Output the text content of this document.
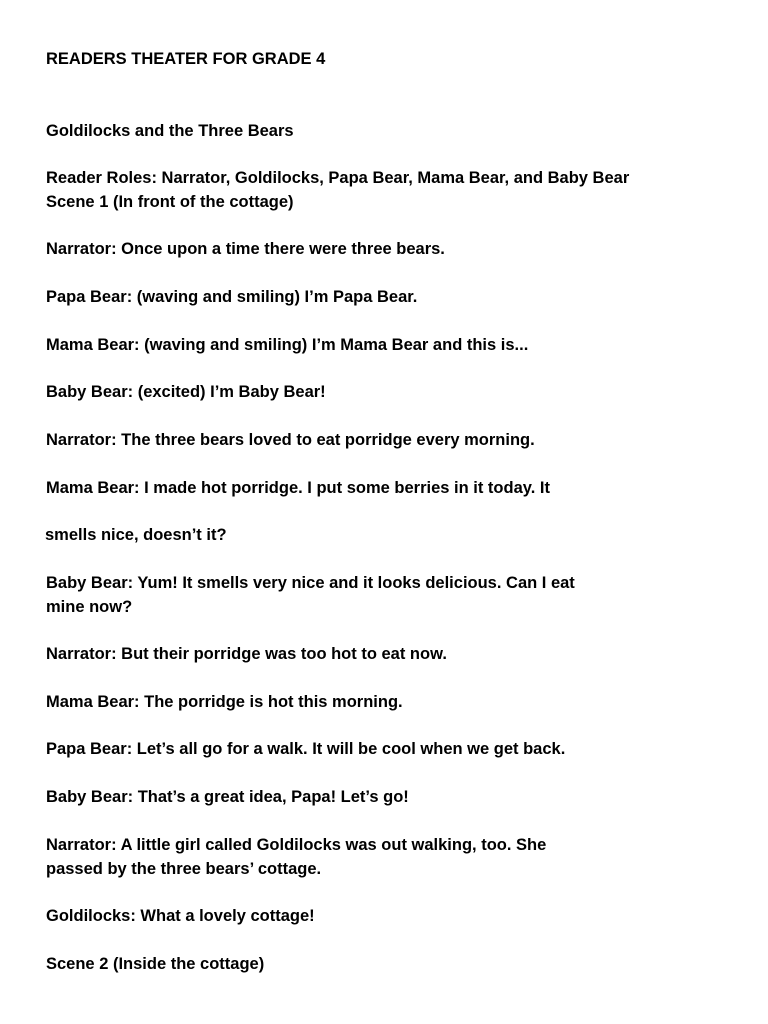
READERS THEATER FOR GRADE 4
Goldilocks and the Three Bears
Reader Roles: Narrator, Goldilocks, Papa Bear, Mama Bear, and Baby Bear
Scene 1 (In front of the cottage)
Narrator: Once upon a time there were three bears.
Papa Bear: (waving and smiling) I’m Papa Bear.
Mama Bear: (waving and smiling) I’m Mama Bear and this is...
Baby Bear: (excited) I’m Baby Bear!
Narrator: The three bears loved to eat porridge every morning.
Mama Bear: I made hot porridge. I put some berries in it today. It
smells nice, doesn’t it?
Baby Bear: Yum! It smells very nice and it looks delicious. Can I eat
mine now?
Narrator: But their porridge was too hot to eat now.
Mama Bear: The porridge is hot this morning.
Papa Bear: Let’s all go for a walk. It will be cool when we get back.
Baby Bear: That’s a great idea, Papa! Let’s go!
Narrator: A little girl called Goldilocks was out walking, too. She
passed by the three bears’ cottage.
Goldilocks: What a lovely cottage!
Scene 2 (Inside the cottage)
